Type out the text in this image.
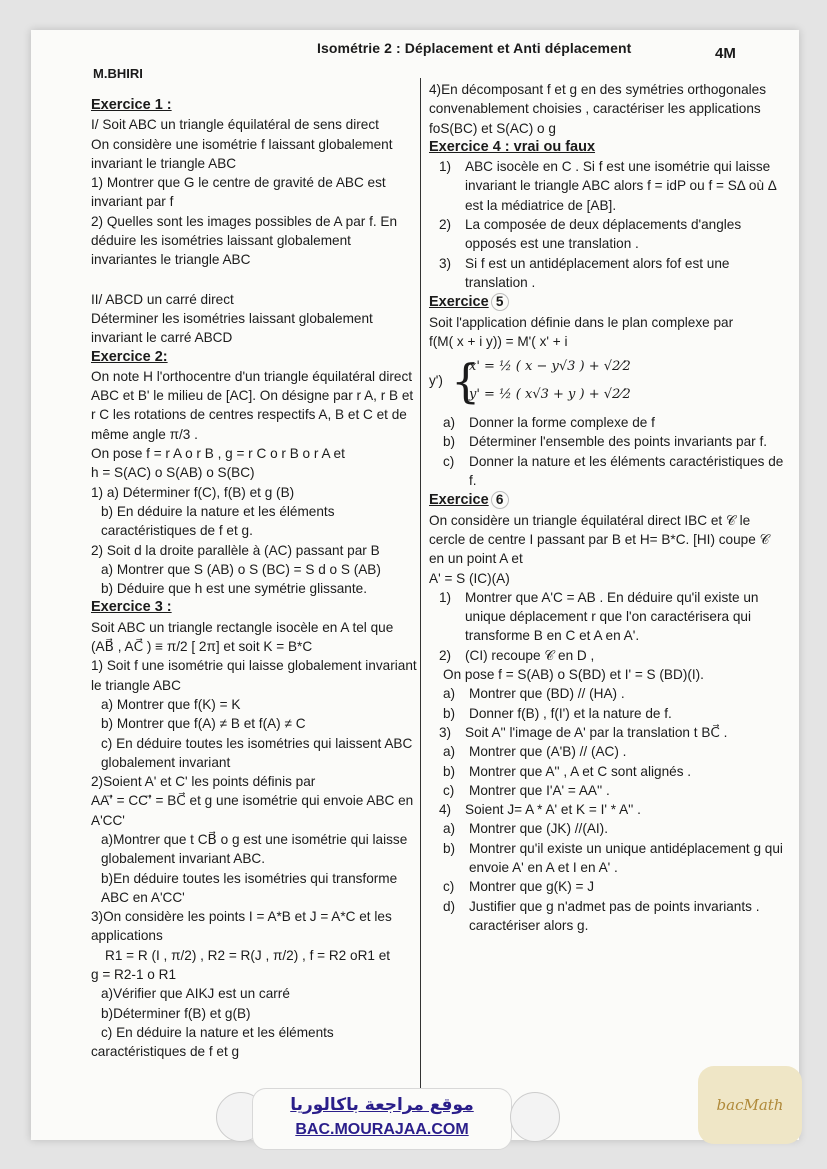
Isométrie 2 : Déplacement et Anti déplacement	4M
M.BHIRI

Exercice 1 :

I/ Soit ABC un triangle équilatéral de sens direct

On considère une isométrie f laissant globalement invariant le triangle ABC

1) Montrer que G le centre de gravité de ABC est invariant par f

2) Quelles sont les images possibles de A par f. En déduire les isométries laissant globalement invariantes le triangle ABC

II/ ABCD un carré direct

Déterminer les isométries laissant globalement invariant le carré ABCD

Exercice 2:

On note H l'orthocentre d'un triangle équilatéral direct ABC et B' le milieu de [AC]. On désigne par r A, r B et r C les rotations de centres respectifs A, B et C et de même angle π/3 .

On pose f = r A o r B , g = r C o r B o r A et

h = S(AC) o S(AB) o S(BC)

1) a) Déterminer f(C), f(B) et g (B)

b) En déduire la nature et les éléments caractéristiques de f et g.

2) Soit d la droite parallèle à (AC) passant par B

a) Montrer que S (AB) o S (BC) = S d o S (AB)

b) Déduire que h est une symétrie glissante.

Exercice 3 :

Soit ABC un triangle rectangle isocèle en A tel que (AB⃗ , AC⃗ ) ≡ π/2 [ 2π] et soit K = B*C

1) Soit f une isométrie qui laisse globalement invariant le triangle ABC

a) Montrer que f(K) = K

b) Montrer que f(A) ≠ B et f(A) ≠ C

c) En déduire toutes les isométries qui laissent ABC globalement invariant

2)Soient A' et C' les points définis par

AA'⃗ = CC'⃗ = BC⃗ et g une isométrie qui envoie ABC en A'CC'

a)Montrer que t CB⃗ o g est une isométrie qui laisse globalement invariant ABC.

b)En déduire toutes les isométries qui transforme ABC en A'CC'

3)On considère les points I = A*B et J = A*C et les applications

R1 = R (I , π/2) , R2 = R(J , π/2) , f = R2 oR1 et

g = R2-1 o R1

a)Vérifier que AIKJ est un carré

b)Déterminer f(B) et g(B)

c) En déduire la nature et les éléments

caractéristiques de f et g

4)En décomposant f et g en des symétries orthogonales convenablement choisies , caractériser les applications foS(BC) et S(AC) o g

Exercice 4 : vrai ou faux

1) ABC isocèle en C . Si f est une isométrie qui laisse invariant le triangle ABC alors f = idP ou f = SΔ où Δ est la médiatrice de [AB].

2) La composée de deux déplacements d'angles opposés est une translation .

3) Si f est un antidéplacement alors fof est une translation .

Exercice 5

Soit l'application définie dans le plan complexe par

f(M( x + i y)) = M'( x' + i

y') {
x' = ½ ( x − y√3 ) + √2⁄2
y' = ½ ( x√3 + y ) + √2⁄2

a) Donner la forme complexe de f

b) Déterminer l'ensemble des points invariants par f.

c) Donner la nature et les éléments caractéristiques de f.

Exercice 6

On considère un triangle équilatéral direct IBC et 𝒞 le cercle de centre I passant par B et H= B*C. [HI) coupe 𝒞 en un point A et

A' = S (IC)(A)

1) Montrer que A'C = AB . En déduire qu'il existe un unique déplacement r que l'on caractérisera qui transforme B en C et A en A'.

2) (CI) recoupe 𝒞 en D ,

On pose f = S(AB) o S(BD) et I' = S (BD)(I).

a) Montrer que (BD) // (HA) .

b) Donner f(B) , f(I') et la nature de f.

3) Soit A'' l'image de A' par la translation t BC⃗ .

a) Montrer que (A'B) // (AC) .

b) Montrer que A'' , A et C sont alignés .

c) Montrer que I'A' = AA'' .

4) Soient J= A * A' et K = I' * A'' .

a) Montrer que (JK) //(AI).

b) Montrer qu'il existe un unique antidéplacement g qui envoie A' en A et I en A' .

c) Montrer que g(K) = J

d) Justifier que g n'admet pas de points invariants . caractériser alors g.

موقع مراجعة باكالوريا
BAC.MOURAJAA.COM
bacMath
